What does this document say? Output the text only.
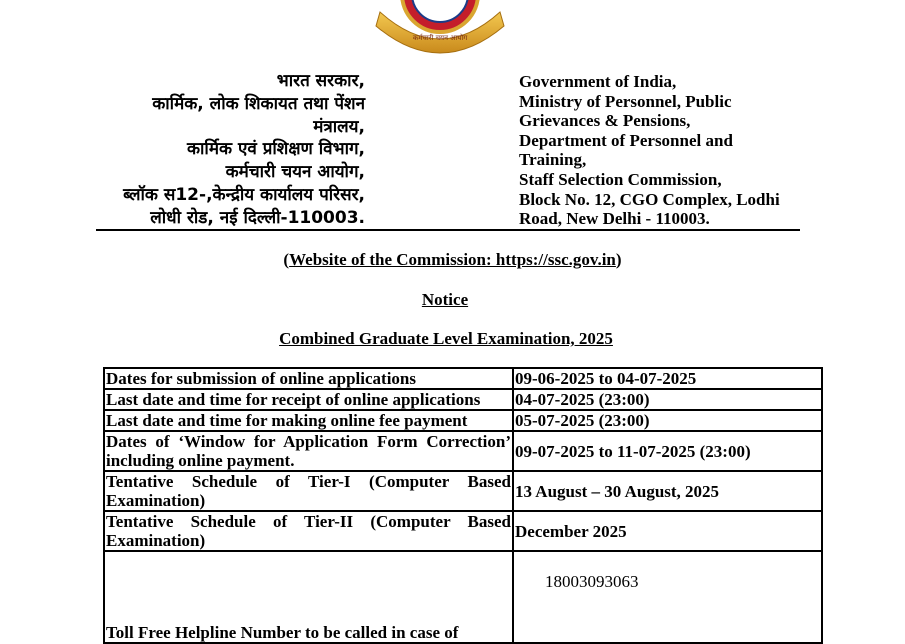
कर्मचारी चयन आयोग
भारत सरकार,
कार्मिक, लोक शिकायत तथा पेंशन
मंत्रालय,
कार्मिक एवं प्रशिक्षण विभाग,
कर्मचारी चयन आयोग,
ब्लॉक स12-,केन्द्रीय कार्यालय परिसर,
लोधी रोड, नई दिल्ली-110003.
Government of India,
Ministry of Personnel, Public
Grievances & Pensions,
Department of Personnel and
Training,
Staff Selection Commission,
Block No. 12, CGO Complex, Lodhi
Road, New Delhi - 110003.
(Website of the Commission: https://ssc.gov.in)
Notice
Combined Graduate Level Examination, 2025
Dates for submission of online applications	09-06-2025 to 04-07-2025
Last date and time for receipt of online applications	04-07-2025 (23:00)
Last date and time for making online fee payment	05-07-2025 (23:00)
Dates of ‘Window for Application Form Correction’ including online payment.	09-07-2025 to 11-07-2025 (23:00)
Tentative Schedule of Tier-I (Computer Based Examination)	13 August – 30 August, 2025
Tentative Schedule of Tier-II (Computer Based Examination)	December 2025

Toll Free Helpline Number to be called in case of	18003093063
